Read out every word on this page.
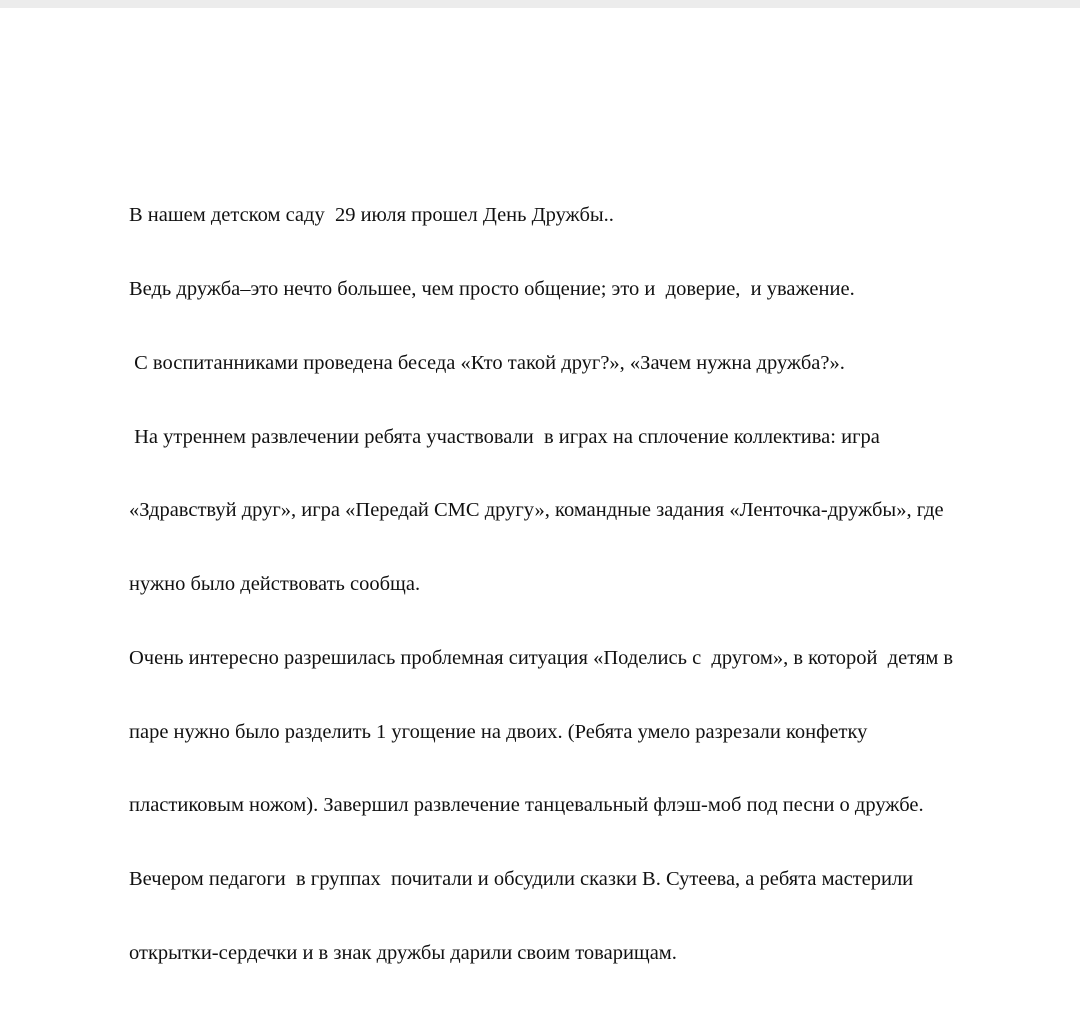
В нашем детском саду  29 июля прошел День Дружбы..

Ведь дружба–это нечто большее, чем просто общение; это и  доверие,  и уважение.

С воспитанниками проведена беседа «Кто такой друг?», «Зачем нужна дружба?».

На утреннем развлечении ребята участвовали  в играх на сплочение коллектива: игра

«Здравствуй друг», игра «Передай СМС другу», командные задания «Ленточка-дружбы», где

нужно было действовать сообща.

Очень интересно разрешилась проблемная ситуация «Поделись с  другом», в которой  детям в

паре нужно было разделить 1 угощение на двоих. (Ребята умело разрезали конфетку

пластиковым ножом). Завершил развлечение танцевальный флэш-моб под песни о дружбе.

Вечером педагоги  в группах  почитали и обсудили сказки В. Сутеева, а ребята мастерили

открытки-сердечки и в знак дружбы дарили своим товарищам.
